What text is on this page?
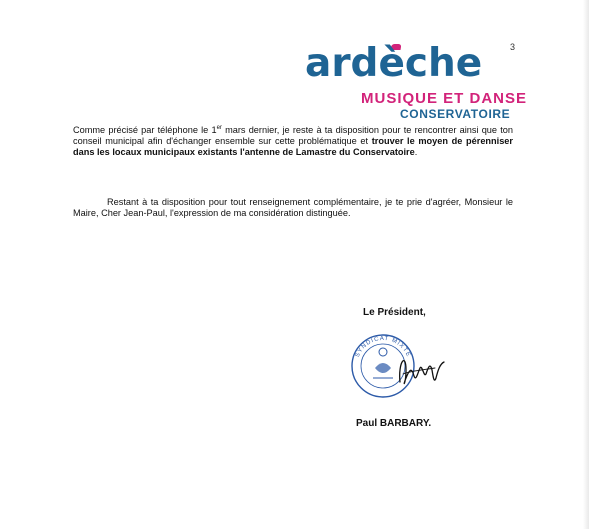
3
ardèche
MUSIQUE ET DANSE
CONSERVATOIRE
Comme précisé par téléphone le 1er mars dernier, je reste à ta disposition pour te rencontrer ainsi que ton conseil municipal afin d'échanger ensemble sur cette problématique et trouver le moyen de pérenniser dans les locaux municipaux existants l'antenne de Lamastre du Conservatoire.
Restant à ta disposition pour tout renseignement complémentaire, je te prie d'agréer, Monsieur le Maire, Cher Jean-Paul, l'expression de ma considération distinguée.
Le Président,
SYNDICAT MIXTE
Paul BARBARY.
